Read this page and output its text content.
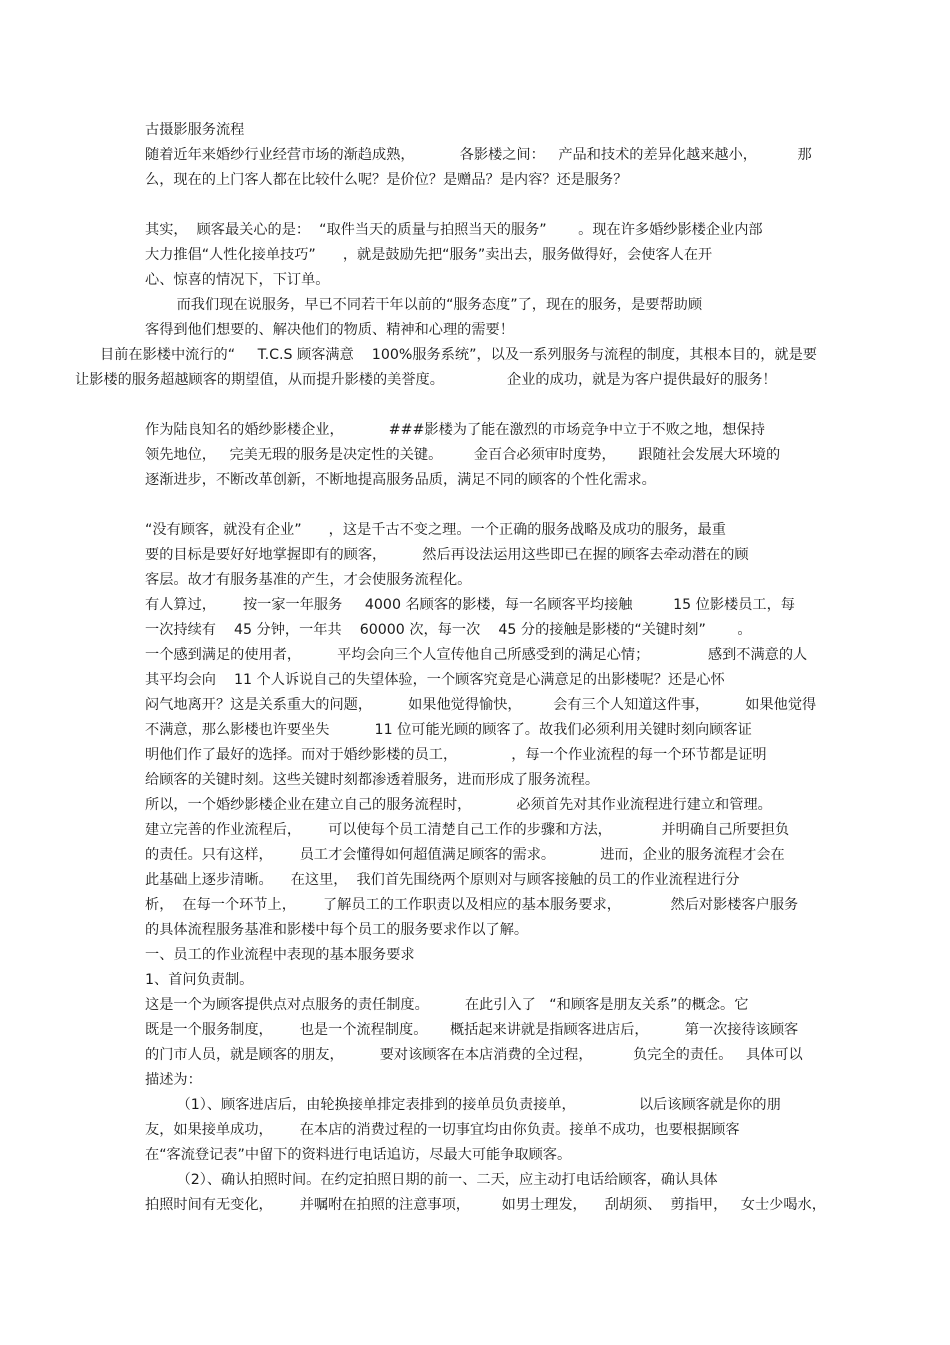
古摄影服务流程
随着近年来婚纱行业经营市场的渐趋成熟，          各影楼之间：   产品和技术的差异化越来越小，         那
么，现在的上门客人都在比较什么呢？是价位？是赠品？是内容？还是服务？
其实，  顾客最关心的是：  “取件当天的质量与拍照当天的服务”       。现在许多婚纱影楼企业内部
大力推倡“人性化接单技巧”      ，就是鼓励先把“服务”卖出去，服务做得好，会使客人在开
心、惊喜的情况下，下订单。
而我们现在说服务，早已不同若干年以前的“服务态度”了，现在的服务，是要帮助顾
客得到他们想要的、解决他们的物质、精神和心理的需要！
目前在影楼中流行的“     T.C.S 顾客满意    100%服务系统”，以及一系列服务与流程的制度，其根本目的，就是要
让影楼的服务超越顾客的期望值，从而提升影楼的美誉度。              企业的成功，就是为客户提供最好的服务！
作为陆良知名的婚纱影楼企业，          ###影楼为了能在激烈的市场竞争中立于不败之地，想保持
领先地位，   完美无瑕的服务是决定性的关键。       金百合必须审时度势，     跟随社会发展大环境的
逐渐进步，不断改革创新，不断地提高服务品质，满足不同的顾客的个性化需求。
“没有顾客，就没有企业”      ，这是千古不变之理。一个正确的服务战略及成功的服务，最重
要的目标是要好好地掌握即有的顾客，        然后再设法运用这些即已在握的顾客去牵动潜在的顾
客层。故才有服务基准的产生，才会使服务流程化。
有人算过，      按一家一年服务     4000 名顾客的影楼，每一名顾客平均接触         15 位影楼员工，每
一次持续有    45 分钟，一年共    60000 次，每一次    45 分的接触是影楼的“关键时刻”       。
一个感到满足的使用者，        平均会向三个人宣传他自己所感受到的满足心情；             感到不满意的人
其平均会向    11 个人诉说自己的失望体验，一个顾客究竟是心满意足的出影楼呢？还是心怀
闷气地离开？这是关系重大的问题，        如果他觉得愉快，       会有三个人知道这件事，        如果他觉得
不满意，那么影楼也许要坐失          11 位可能光顾的顾客了。故我们必须利用关键时刻向顾客证
明他们作了最好的选择。而对于婚纱影楼的员工，            ，每一个作业流程的每一个环节都是证明
给顾客的关键时刻。这些关键时刻都渗透着服务，进而形成了服务流程。
所以，一个婚纱影楼企业在建立自己的服务流程时，          必须首先对其作业流程进行建立和管理。
建立完善的作业流程后，      可以使每个员工清楚自己工作的步骤和方法，           并明确自己所要担负
的责任。只有这样，      员工才会懂得如何超值满足顾客的需求。          进而，企业的服务流程才会在
此基础上逐步清晰。    在这里，  我们首先围绕两个原则对与顾客接触的员工的作业流程进行分
析，  在每一个环节上，      了解员工的工作职责以及相应的基本服务要求，           然后对影楼客户服务
的具体流程服务基准和影楼中每个员工的服务要求作以了解。
一、员工的作业流程中表现的基本服务要求
1、首问负责制。
这是一个为顾客提供点对点服务的责任制度。        在此引入了   “和顾客是朋友关系”的概念。它
既是一个服务制度，      也是一个流程制度。     概括起来讲就是指顾客进店后，        第一次接待该顾客
的门市人员，就是顾客的朋友，        要对该顾客在本店消费的全过程，         负完全的责任。   具体可以
描述为：
（1）、顾客进店后，由轮换接单排定表排到的接单员负责接单，              以后该顾客就是你的朋
友，如果接单成功，      在本店的消费过程的一切事宜均由你负责。接单不成功，也要根据顾客
在“客流登记表”中留下的资料进行电话追访，尽最大可能争取顾客。
（2）、确认拍照时间。在约定拍照日期的前一、二天，应主动打电话给顾客，确认具体
拍照时间有无变化，      并嘱咐在拍照的注意事项，       如男士理发，    刮胡须、  剪指甲，   女士少喝水，
